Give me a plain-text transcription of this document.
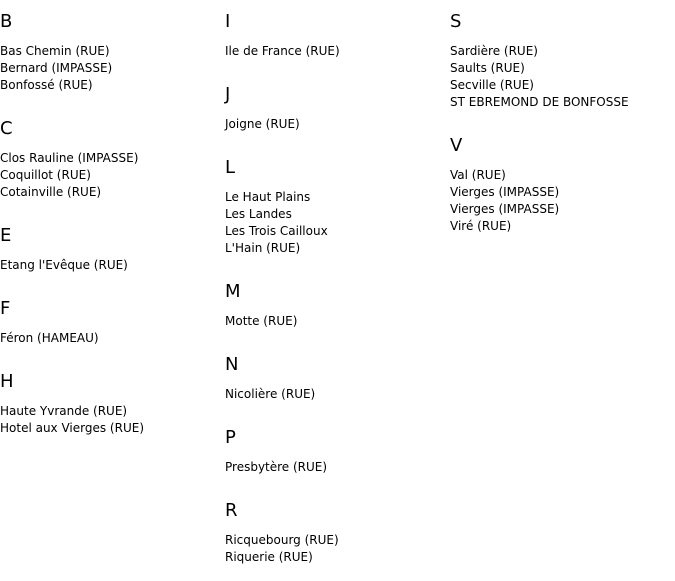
B
Bas Chemin (RUE)
Bernard (IMPASSE)
Bonfossé (RUE)
C
Clos Rauline (IMPASSE)
Coquillot (RUE)
Cotainville (RUE)
E
Etang l'Evêque (RUE)
F
Féron (HAMEAU)
H
Haute Yvrande (RUE)
Hotel aux Vierges (RUE)
I
Ile de France (RUE)
J
Joigne (RUE)
L
Le Haut Plains
Les Landes
Les Trois Cailloux
L'Hain (RUE)
M
Motte (RUE)
N
Nicolière (RUE)
P
Presbytère (RUE)
R
Ricquebourg (RUE)
Riquerie (RUE)
S
Sardière (RUE)
Saults (RUE)
Secville (RUE)
ST EBREMOND DE BONFOSSE
V
Val (RUE)
Vierges (IMPASSE)
Vierges (IMPASSE)
Viré (RUE)
